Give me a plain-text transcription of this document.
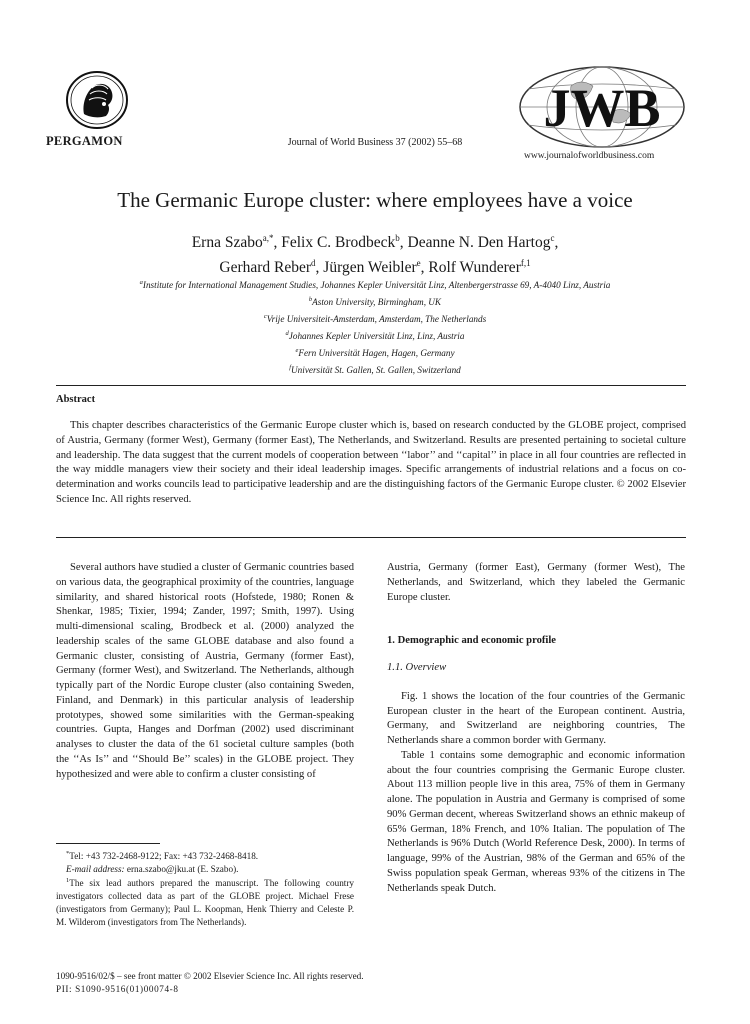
PERGAMON	Journal of World Business 37 (2002) 55–68
JWB
www.journalofworldbusiness.com
The Germanic Europe cluster: where employees have a voice
Erna Szabo$^{a,*}$, Felix C. Brodbeck$^b$, Deanne N. Den Hartog$^c$,
Gerhard Reber$^d$, Jürgen Weibler$^e$, Rolf Wunderer$^{f,1}$
$^a$Institute for International Management Studies, Johannes Kepler Universität Linz, Altenbergerstrasse 69, A-4040 Linz, Austria
$^b$Aston University, Birmingham, UK
$^c$Vrije Universiteit-Amsterdam, Amsterdam, The Netherlands
$^d$Johannes Kepler Universität Linz, Linz, Austria
$^e$Fern Universität Hagen, Hagen, Germany
$^f$Universität St. Gallen, St. Gallen, Switzerland
Abstract
This chapter describes characteristics of the Germanic Europe cluster which is, based on research conducted by the GLOBE project, comprised of Austria, Germany (former West), Germany (former East), The Netherlands, and Switzerland. Results are presented pertaining to societal culture and leadership. The data suggest that the current models of cooperation between ‘‘labor’’ and ‘‘capital’’ in place in all four countries are reflected in the way middle managers view their society and their ideal leadership images. Specific arrangements of industrial relations and a focus on co-determination and works councils lead to participative leadership and are the distinguishing factors of the Germanic Europe cluster. © 2002 Elsevier Science Inc. All rights reserved.

Several authors have studied a cluster of Germanic countries based on various data, the geographical proximity of the countries, language similarity, and shared historical roots (Hofstede, 1980; Ronen & Shenkar, 1985; Tixier, 1994; Zander, 1997; Smith, 1997). Using multi-dimensional scaling, Brodbeck et al. (2000) analyzed the leadership scales of the same GLOBE database and also found a Germanic cluster, consisting of Austria, Germany (former East), Germany (former West), and Switzerland. The Netherlands, although typically part of the Nordic Europe cluster (also containing Sweden, Finland, and Denmark) in this particular analysis of leadership prototypes, showed some similarities with the German-speaking countries. Gupta, Hanges and Dorfman (2002) used discriminant analyses to cluster the data of the 61 societal culture samples (both the ‘‘As Is’’ and ‘‘Should Be’’ scales) in the GLOBE project. They hypothesized and were able to confirm a cluster consisting of

Austria, Germany (former East), Germany (former West), The Netherlands, and Switzerland, which they labeled the Germanic Europe cluster.

1. Demographic and economic profile
1.1. Overview

Fig. 1 shows the location of the four countries of the Germanic European cluster in the heart of the European continent. Austria, Germany, and Switzerland are neighboring countries, The Netherlands share a common border with Germany.

Table 1 contains some demographic and economic information about the four countries comprising the Germanic Europe cluster. About 113 million people live in this area, 75% of them in Germany alone. The population in Austria and Germany is comprised of some 90% German decent, whereas Switzerland shows an ethnic makeup of 65% German, 18% French, and 10% Italian. The population of The Netherlands is 96% Dutch (World Reference Desk, 2000). In terms of language, 99% of the Austrian, 98% of the German and 65% of the Swiss population speak German, whereas 93% of the citizens in The Netherlands speak Dutch.

*Tel: +43 732-2468-9122; Fax: +43 732-2468-8418.

E-mail address: erna.szabo@jku.at (E. Szabo).

$^1$The six lead authors prepared the manuscript. The following country investigators collected data as part of the GLOBE project. Michael Frese (investigators from Germany); Paul L. Koopman, Henk Thierry and Celeste P. M. Wilderom (investigators from The Netherlands).

1090-9516/02/$ – see front matter © 2002 Elsevier Science Inc. All rights reserved.
PII: S1090-9516(01)00074-8
